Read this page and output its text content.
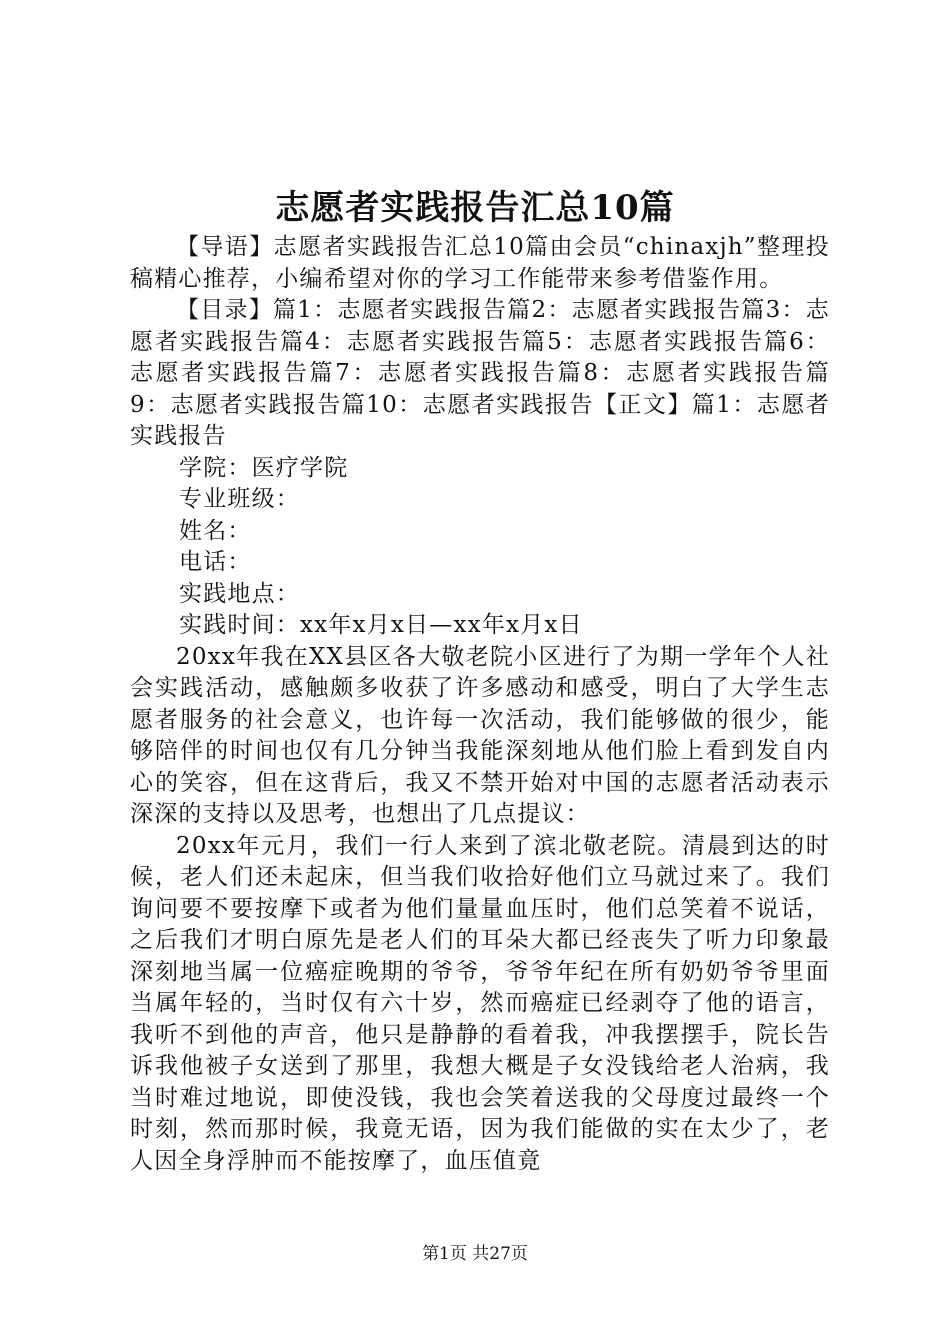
志愿者实践报告汇总10篇

【导语】志愿者实践报告汇总10篇由会员“chinaxjh”整理投稿精心推荐，小编希望对你的学习工作能带来参考借鉴作用。

【目录】篇1：志愿者实践报告篇2：志愿者实践报告篇3：志愿者实践报告篇4：志愿者实践报告篇5：志愿者实践报告篇6：志愿者实践报告篇7：志愿者实践报告篇8：志愿者实践报告篇9：志愿者实践报告篇10：志愿者实践报告【正文】篇1：志愿者实践报告

学院：医疗学院

专业班级：

姓名：

电话：

实践地点：

实践时间：xx年x月x日—xx年x月x日

20xx年我在XX县区各大敬老院小区进行了为期一学年个人社会实践活动，感触颇多收获了许多感动和感受，明白了大学生志愿者服务的社会意义，也许每一次活动，我们能够做的很少，能够陪伴的时间也仅有几分钟当我能深刻地从他们脸上看到发自内心的笑容，但在这背后，我又不禁开始对中国的志愿者活动表示深深的支持以及思考，也想出了几点提议：

20xx年元月，我们一行人来到了滨北敬老院。清晨到达的时候，老人们还未起床，但当我们收拾好他们立马就过来了。我们询问要不要按摩下或者为他们量量血压时，他们总笑着不说话，之后我们才明白原先是老人们的耳朵大都已经丧失了听力印象最深刻地当属一位癌症晚期的爷爷，爷爷年纪在所有奶奶爷爷里面当属年轻的，当时仅有六十岁，然而癌症已经剥夺了他的语言，我听不到他的声音，他只是静静的看着我，冲我摆摆手，院长告诉我他被子女送到了那里，我想大概是子女没钱给老人治病，我当时难过地说，即使没钱，我也会笑着送我的父母度过最终一个时刻，然而那时候，我竟无语，因为我们能做的实在太少了，老人因全身浮肿而不能按摩了，血压值竟

第1页 共27页
